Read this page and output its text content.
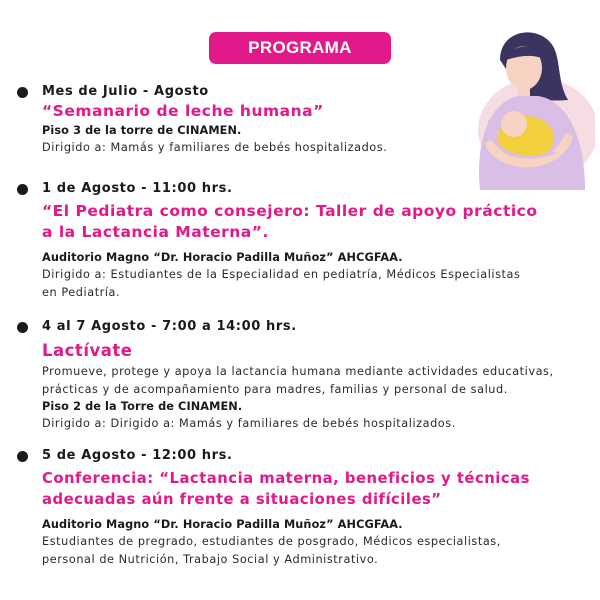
PROGRAMA
Mes de Julio - Agosto
“Semanario de leche humana”
Piso 3 de la torre de CINAMEN.
Dirigido a: Mamás y familiares de bebés hospitalizados.
1 de Agosto - 11:00 hrs.
“El Pediatra como consejero: Taller de apoyo práctico
a la Lactancia Materna”.
Auditorio Magno “Dr. Horacio Padilla Muñoz” AHCGFAA.
Dirigido a: Estudiantes de la Especialidad en pediatría, Médicos Especialistas
en Pediatría.
4 al 7 Agosto - 7:00 a 14:00 hrs.
Lactívate
Promueve, protege y apoya la lactancia humana mediante actividades educativas,
prácticas y de acompañamiento para madres, familias y personal de salud.
Piso 2 de la Torre de CINAMEN.
Dirigido a: Dirigido a: Mamás y familiares de bebés hospitalizados.
5 de Agosto - 12:00 hrs.
Conferencia: “Lactancia materna, beneficios y técnicas
adecuadas aún frente a situaciones difíciles”
Auditorio Magno “Dr. Horacio Padilla Muñoz” AHCGFAA.
Estudiantes de pregrado, estudiantes de posgrado, Médicos especialistas,
personal de Nutrición, Trabajo Social y Administrativo.
